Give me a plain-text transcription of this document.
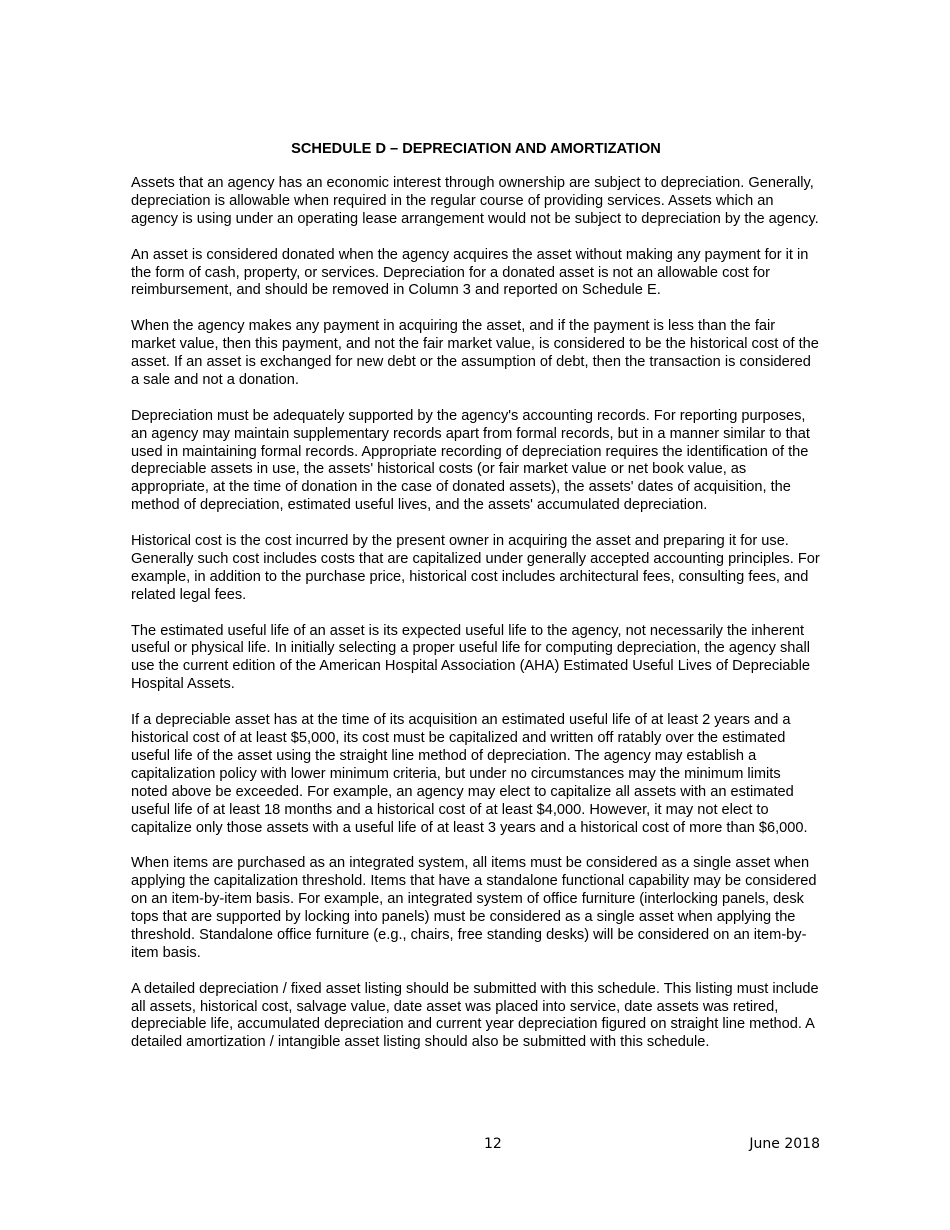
SCHEDULE D – DEPRECIATION AND AMORTIZATION

Assets that an agency has an economic interest through ownership are subject to depreciation. Generally, depreciation is allowable when required in the regular course of providing services. Assets which an agency is using under an operating lease arrangement would not be subject to depreciation by the agency.

An asset is considered donated when the agency acquires the asset without making any payment for it in the form of cash, property, or services. Depreciation for a donated asset is not an allowable cost for reimbursement, and should be removed in Column 3 and reported on Schedule E.

When the agency makes any payment in acquiring the asset, and if the payment is less than the fair market value, then this payment, and not the fair market value, is considered to be the historical cost of the asset. If an asset is exchanged for new debt or the assumption of debt, then the transaction is considered a sale and not a donation.

Depreciation must be adequately supported by the agency's accounting records. For reporting purposes, an agency may maintain supplementary records apart from formal records, but in a manner similar to that used in maintaining formal records. Appropriate recording of depreciation requires the identification of the depreciable assets in use, the assets' historical costs (or fair market value or net book value, as appropriate, at the time of donation in the case of donated assets), the assets' dates of acquisition, the method of depreciation, estimated useful lives, and the assets' accumulated depreciation.

Historical cost is the cost incurred by the present owner in acquiring the asset and preparing it for use. Generally such cost includes costs that are capitalized under generally accepted accounting principles. For example, in addition to the purchase price, historical cost includes architectural fees, consulting fees, and related legal fees.

The estimated useful life of an asset is its expected useful life to the agency, not necessarily the inherent useful or physical life. In initially selecting a proper useful life for computing depreciation, the agency shall use the current edition of the American Hospital Association (AHA) Estimated Useful Lives of Depreciable Hospital Assets.

If a depreciable asset has at the time of its acquisition an estimated useful life of at least 2 years and a historical cost of at least $5,000, its cost must be capitalized and written off ratably over the estimated useful life of the asset using the straight line method of depreciation. The agency may establish a capitalization policy with lower minimum criteria, but under no circumstances may the minimum limits noted above be exceeded. For example, an agency may elect to capitalize all assets with an estimated useful life of at least 18 months and a historical cost of at least $4,000. However, it may not elect to capitalize only those assets with a useful life of at least 3 years and a historical cost of more than $6,000.

When items are purchased as an integrated system, all items must be considered as a single asset when applying the capitalization threshold. Items that have a standalone functional capability may be considered on an item-by-item basis. For example, an integrated system of office furniture (interlocking panels, desk tops that are supported by locking into panels) must be considered as a single asset when applying the threshold. Standalone office furniture (e.g., chairs, free standing desks) will be considered on an item-by-item basis.

A detailed depreciation / fixed asset listing should be submitted with this schedule. This listing must include all assets, historical cost, salvage value, date asset was placed into service, date assets was retired, depreciable life, accumulated depreciation and current year depreciation figured on straight line method. A detailed amortization / intangible asset listing should also be submitted with this schedule.

12	June 2018
